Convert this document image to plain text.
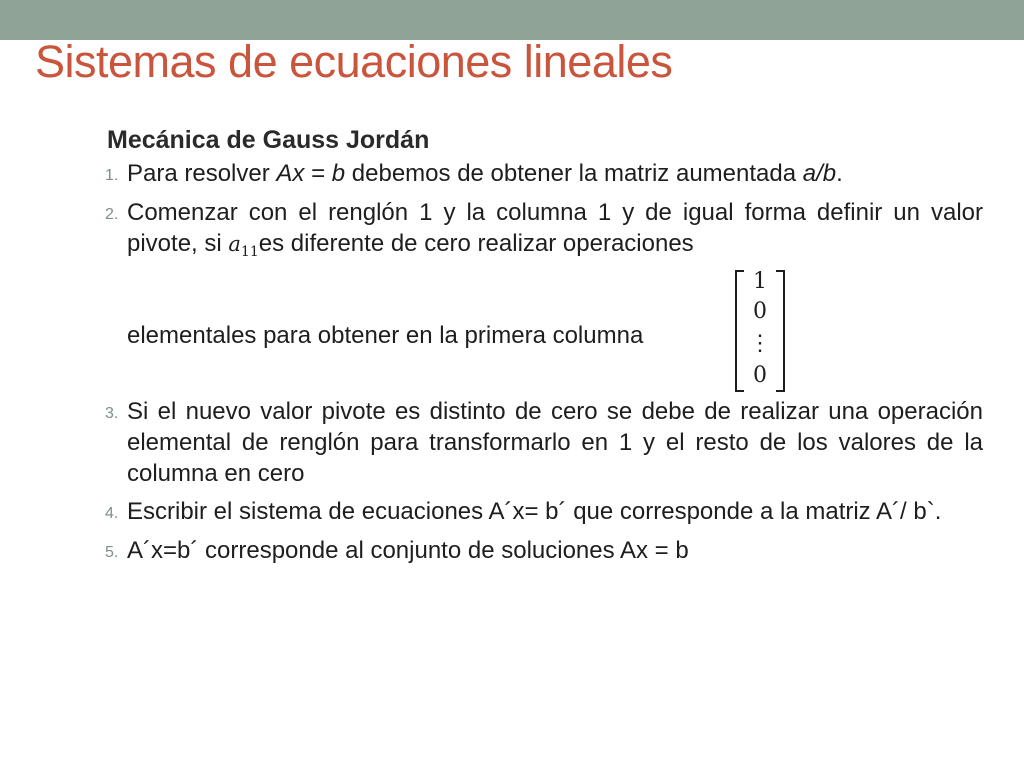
Sistemas de ecuaciones lineales

Mecánica de Gauss Jordán

1. Para resolver Ax = b debemos de obtener la matriz aumentada a/b.
2. Comenzar con el renglón 1 y la columna 1 y de igual forma definir un valor pivote, si $a_{11}es$ diferente de cero realizar operaciones
elementales para obtener en la primera columna
1
0
⋮
0
3. Si el nuevo valor pivote es distinto de cero se debe de realizar una operación elemental de renglón para transformarlo en 1 y el resto de los valores de la columna en cero
4. Escribir el sistema de ecuaciones A´x= b´ que corresponde a la matriz A´/ b`.
5. A´x=b´ corresponde al conjunto de soluciones Ax = b
